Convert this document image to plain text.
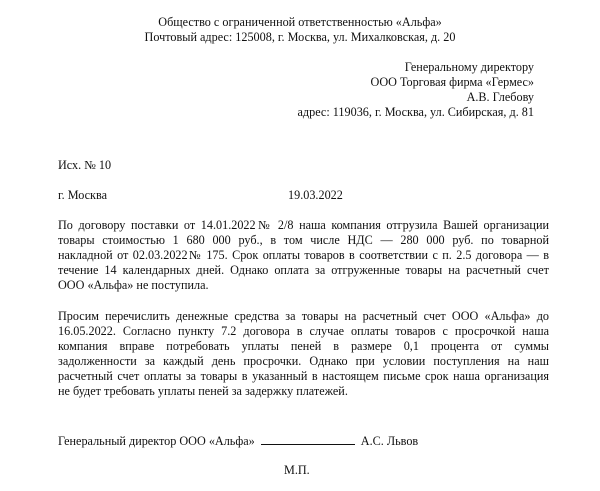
Общество с ограниченной ответственностью «Альфа»
Почтовый адрес: 125008, г. Москва, ул. Михалковская, д. 20
Генеральному директору
ООО Торговая фирма «Гермес»
А.В. Глебову
адрес: 119036, г. Москва, ул. Сибирская, д. 81
Исх. № 10
г. Москва	19.03.2022
По договору поставки от 14.01.2022№ 2/8 наша компания отгрузила Вашей организации
товары стоимостью 1 680 000 руб., в том числе НДС — 280 000 руб. по товарной
накладной от 02.03.2022№ 175. Срок оплаты товаров в соответствии с п. 2.5 договора — в
течение 14 календарных дней. Однако оплата за отгруженные товары на расчетный счет
ООО «Альфа» не поступила.
Просим перечислить денежные средства за товары на расчетный счет ООО «Альфа» до
16.05.2022. Согласно пункту 7.2 договора в случае оплаты товаров с просрочкой наша
компания вправе потребовать уплаты пеней в размере 0,1 процента от суммы
задолженности за каждый день просрочки. Однако при условии поступления на наш
расчетный счет оплаты за товары в указанный в настоящем письме срок наша организация
не будет требовать уплаты пеней за задержку платежей.
Генеральный директор ООО «Альфа»	А.С. Львов
М.П.
